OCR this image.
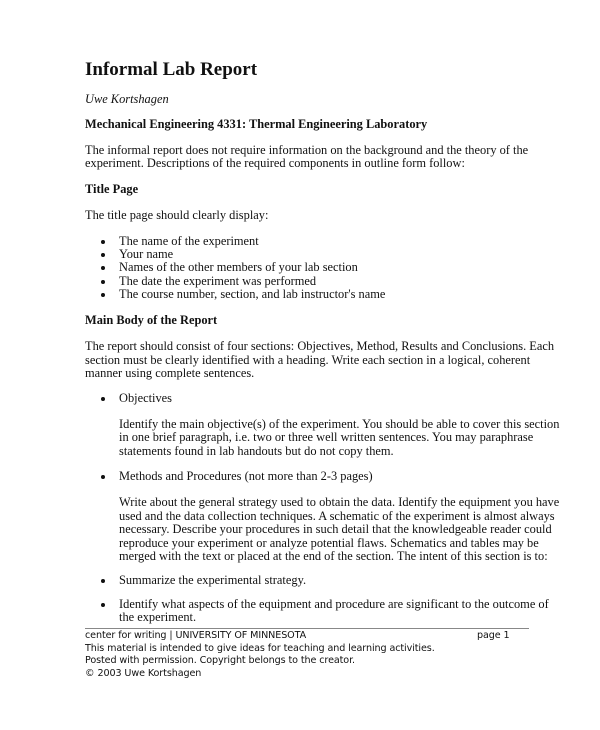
Informal Lab Report
Uwe Kortshagen
Mechanical Engineering 4331: Thermal Engineering Laboratory
The informal report does not require information on the background and the theory of the
experiment. Descriptions of the required components in outline form follow:
Title Page
The title page should clearly display:
The name of the experiment
Your name
Names of the other members of your lab section
The date the experiment was performed
The course number, section, and lab instructor's name
Main Body of the Report
The report should consist of four sections: Objectives, Method, Results and Conclusions. Each
section must be clearly identified with a heading. Write each section in a logical, coherent
manner using complete sentences.
Objectives
Identify the main objective(s) of the experiment. You should be able to cover this section
in one brief paragraph, i.e. two or three well written sentences. You may paraphrase
statements found in lab handouts but do not copy them.
Methods and Procedures (not more than 2-3 pages)
Write about the general strategy used to obtain the data. Identify the equipment you have
used and the data collection techniques. A schematic of the experiment is almost always
necessary. Describe your procedures in such detail that the knowledgeable reader could
reproduce your experiment or analyze potential flaws. Schematics and tables may be
merged with the text or placed at the end of the section. The intent of this section is to:
Summarize the experimental strategy.
Identify what aspects of the equipment and procedure are significant to the outcome of
the experiment.
center for writing | UNIVERSITY OF MINNESOTA	page 1
This material is intended to give ideas for teaching and learning activities.
Posted with permission. Copyright belongs to the creator.
© 2003 Uwe Kortshagen
